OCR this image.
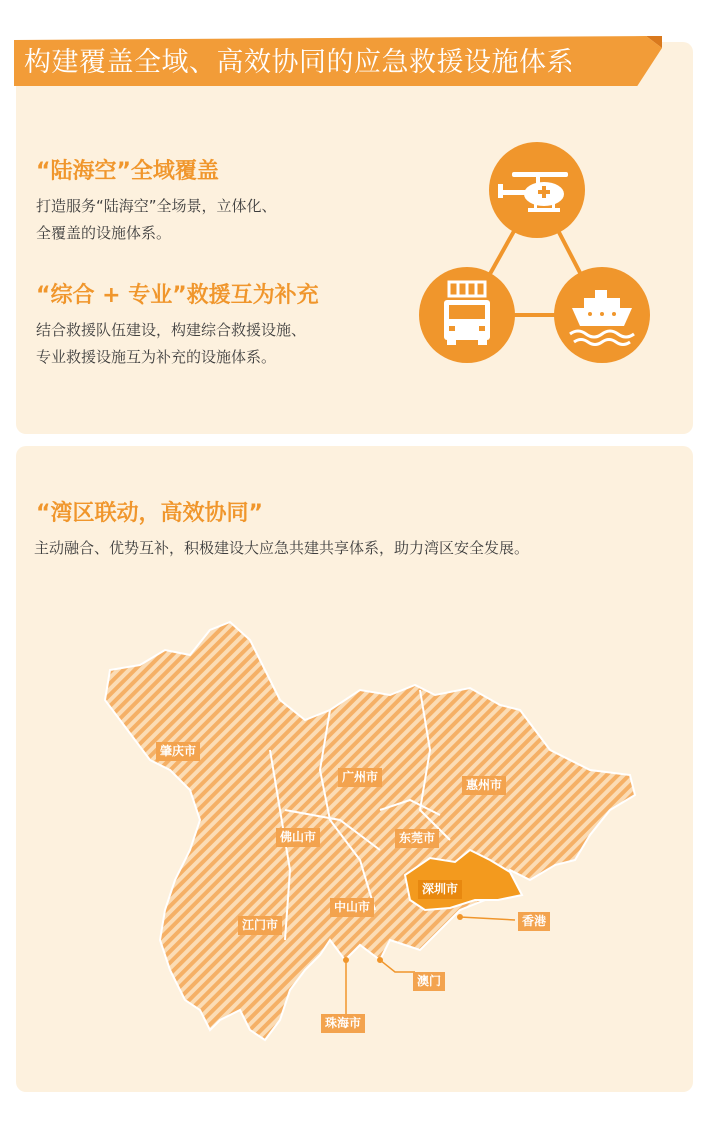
构建覆盖全域、高效协同的应急救援设施体系
“陆海空”全域覆盖
打造服务“陆海空”全场景，立体化、
全覆盖的设施体系。
“综合 + 专业”救援互为补充
结合救援队伍建设，构建综合救援设施、
专业救援设施互为补充的设施体系。
“湾区联动，高效协同”
主动融合、优势互补，积极建设大应急共建共享体系，助力湾区安全发展。
肇庆市
广州市
惠州市
佛山市	东莞市
深圳市
江门市
中山市
香港
澳门
珠海市
